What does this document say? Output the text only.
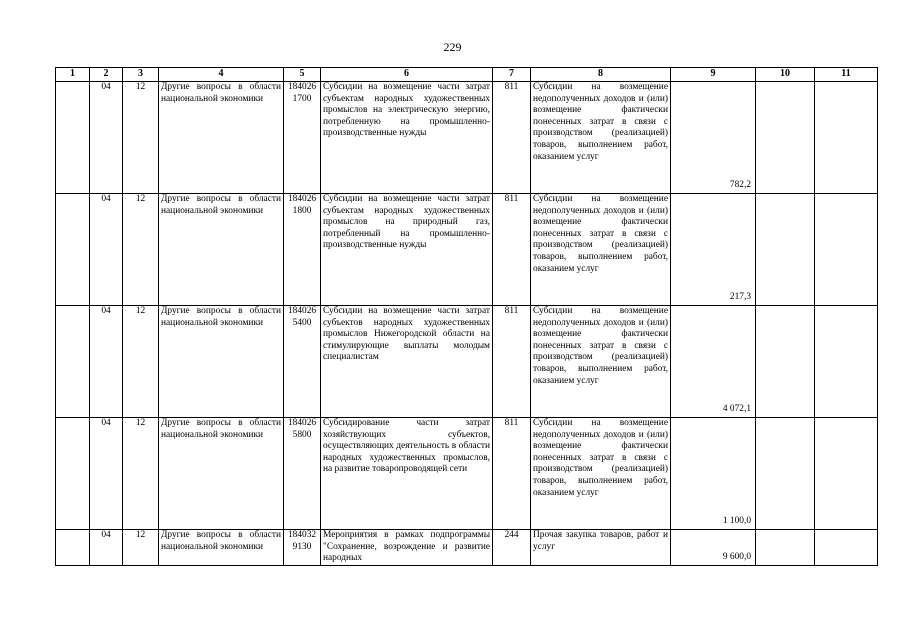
229
1	2	3	4	5	6	7	8	9	10	11
	04	12	Другие вопросы в области национальной экономики	184026 1700	Субсидии на возмещение части затрат субъектам народных художественных промыслов на электрическую энергию, потребленную на промышленно-производственные нужды	811	Субсидии на возмещение недополученных доходов и (или) возмещение фактически понесенных затрат в связи с производством (реализацией) товаров, выполнением работ, оказанием услуг	782,2		

	04	12	Другие вопросы в области национальной экономики	184026 1800	Субсидии на возмещение части затрат субъектам народных художественных промыслов на природный газ, потребленный на промышленно-производственные нужды	811	Субсидии на возмещение недополученных доходов и (или) возмещение фактически понесенных затрат в связи с производством (реализацией) товаров, выполнением работ, оказанием услуг	217,3		

	04	12	Другие вопросы в области национальной экономики	184026 5400	Субсидии на возмещение части затрат субъектов народных художественных промыслов Нижегородской области на стимулирующие выплаты молодым специалистам	811	Субсидии на возмещение недополученных доходов и (или) возмещение фактически понесенных затрат в связи с производством (реализацией) товаров, выполнением работ, оказанием услуг	4 072,1		

	04	12	Другие вопросы в области национальной экономики	184026 5800	Субсидирование части затрат хозяйствующих субъектов, осуществляющих деятельность в области народных художественных промыслов, на развитие товаропроводящей сети	811	Субсидии на возмещение недополученных доходов и (или) возмещение фактически понесенных затрат в связи с производством (реализацией) товаров, выполнением работ, оказанием услуг	1 100,0		

	04	12	Другие вопросы в области национальной экономики	184032 9130	Мероприятия в рамках подпрограммы "Сохранение, возрождение и развитие народных	244	Прочая закупка товаров, работ и услуг	9 600,0		
